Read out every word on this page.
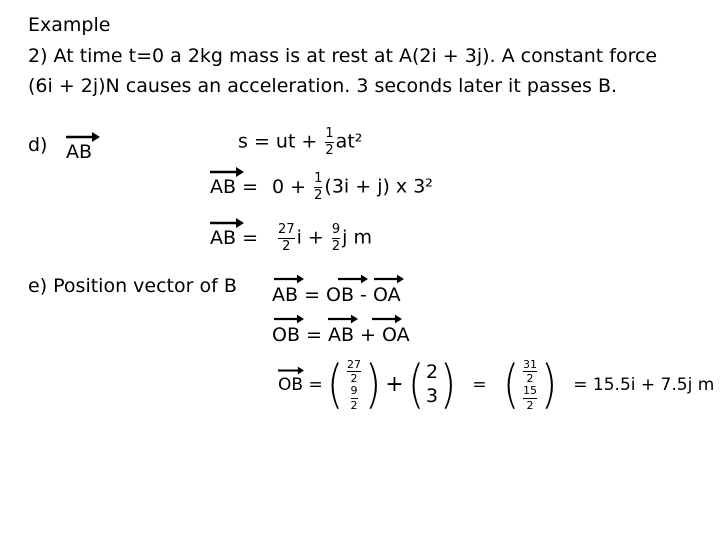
Example
2) At time t=0 a 2kg mass is at rest at A(2i + 3j). A constant force
(6i + 2j)N causes an acceleration. 3 seconds later it passes B.
d) AB	s = ut + $\frac{1}{2} at^2$
AB = $0 + \frac{1}{2} (3i + j)$ x 3²
AB = $\frac{27}{2}$ $i + \frac{9}{2}$ j m
e) Position vector of B AB = OB - OA
OB = AB + OA
OB = ( $\frac{27}{2}$
$\frac{9}{2}$ ) + ( 2
3 ) = ( $\frac{31}{2}$
$\frac{15}{2}$ ) = 15.5i + 7.5j m
